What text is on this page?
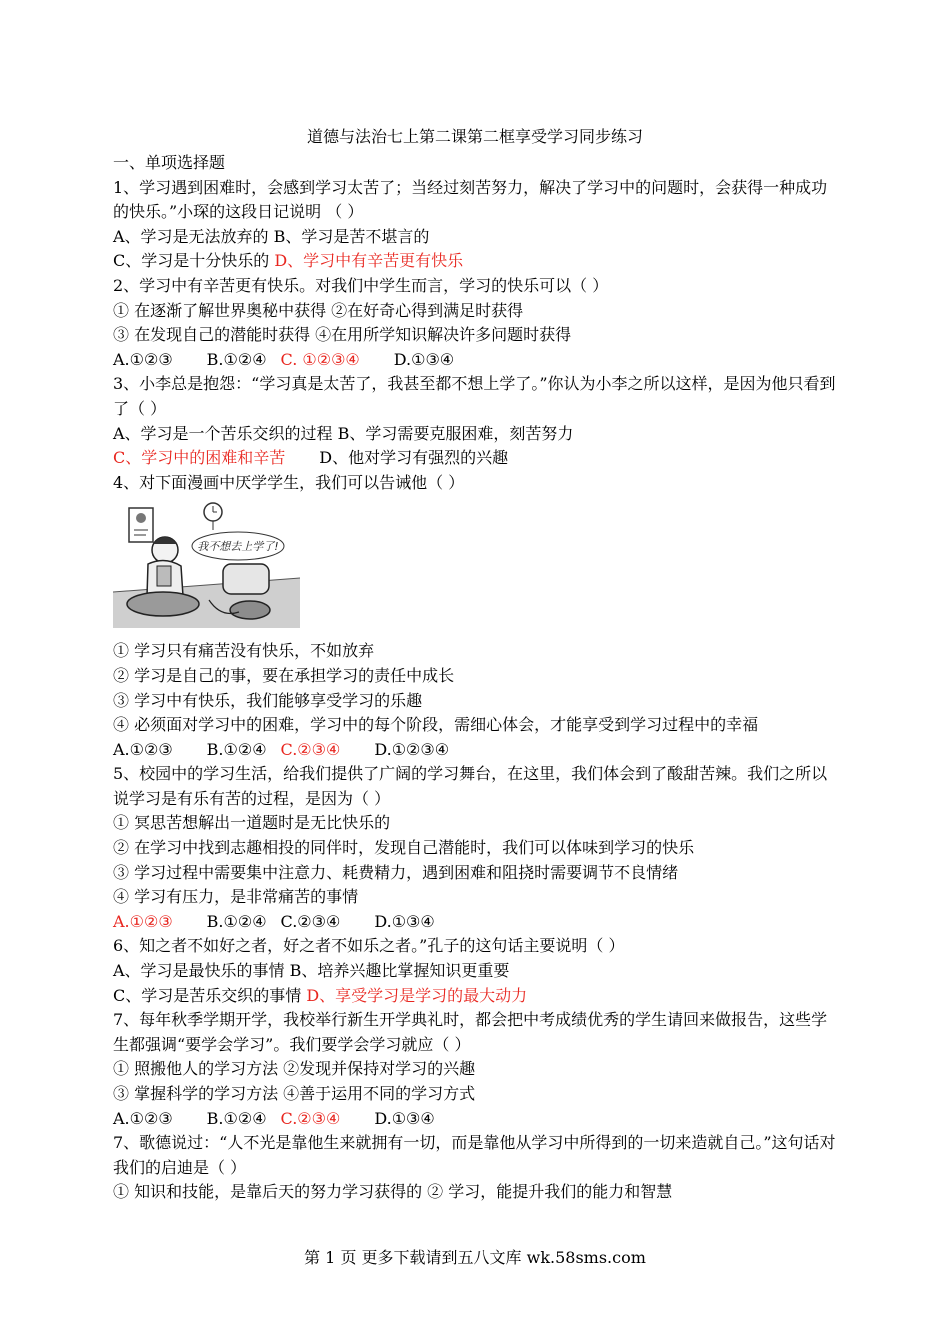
道德与法治七上第二课第二框享受学习同步练习
一、单项选择题
1、学习遇到困难时，会感到学习太苦了；当经过刻苦努力，解决了学习中的问题时，会获得一种成功的快乐。”小琛的这段日记说明 （ ）
A、学习是无法放弃的 B、学习是苦不堪言的
C、学习是十分快乐的 D、学习中有辛苦更有快乐
2、学习中有辛苦更有快乐。对我们中学生而言，学习的快乐可以（ ）
① 在逐渐了解世界奥秘中获得 ②在好奇心得到满足时获得
③ 在发现自己的潜能时获得 ④在用所学知识解决许多问题时获得
A.①②③ B.①②④ C. ①②③④ D.①③④
3、小李总是抱怨：“学习真是太苦了，我甚至都不想上学了。”你认为小李之所以这样，是因为他只看到了（ ）
A、学习是一个苦乐交织的过程 B、学习需要克服困难，刻苦努力
C、学习中的困难和辛苦 D、他对学习有强烈的兴趣
4、对下面漫画中厌学学生，我们可以告诫他（ ）
我不想去上学了!
① 学习只有痛苦没有快乐，不如放弃
② 学习是自己的事，要在承担学习的责任中成长
③ 学习中有快乐，我们能够享受学习的乐趣
④ 必须面对学习中的困难，学习中的每个阶段，需细心体会，才能享受到学习过程中的幸福
A.①②③ B.①②④ C.②③④ D.①②③④
5、校园中的学习生活，给我们提供了广阔的学习舞台，在这里，我们体会到了酸甜苦辣。我们之所以说学习是有乐有苦的过程，是因为（ ）
① 冥思苦想解出一道题时是无比快乐的
② 在学习中找到志趣相投的同伴时，发现自己潜能时，我们可以体味到学习的快乐
③ 学习过程中需要集中注意力、耗费精力，遇到困难和阻挠时需要调节不良情绪
④ 学习有压力，是非常痛苦的事情
A.①②③ B.①②④ C.②③④ D.①③④
6、知之者不如好之者，好之者不如乐之者。”孔子的这句话主要说明（ ）
A、学习是最快乐的事情 B、培养兴趣比掌握知识更重要
C、学习是苦乐交织的事情 D、享受学习是学习的最大动力
7、每年秋季学期开学，我校举行新生开学典礼时，都会把中考成绩优秀的学生请回来做报告，这些学生都强调“要学会学习”。我们要学会学习就应（ ）
① 照搬他人的学习方法 ②发现并保持对学习的兴趣
③ 掌握科学的学习方法 ④善于运用不同的学习方式
A.①②③ B.①②④ C.②③④ D.①③④
7、歌德说过：“人不光是靠他生来就拥有一切，而是靠他从学习中所得到的一切来造就自己。”这句话对我们的启迪是（ ）
① 知识和技能，是靠后天的努力学习获得的 ② 学习，能提升我们的能力和智慧
第 1 页 更多下载请到五八文库 wk.58sms.com
